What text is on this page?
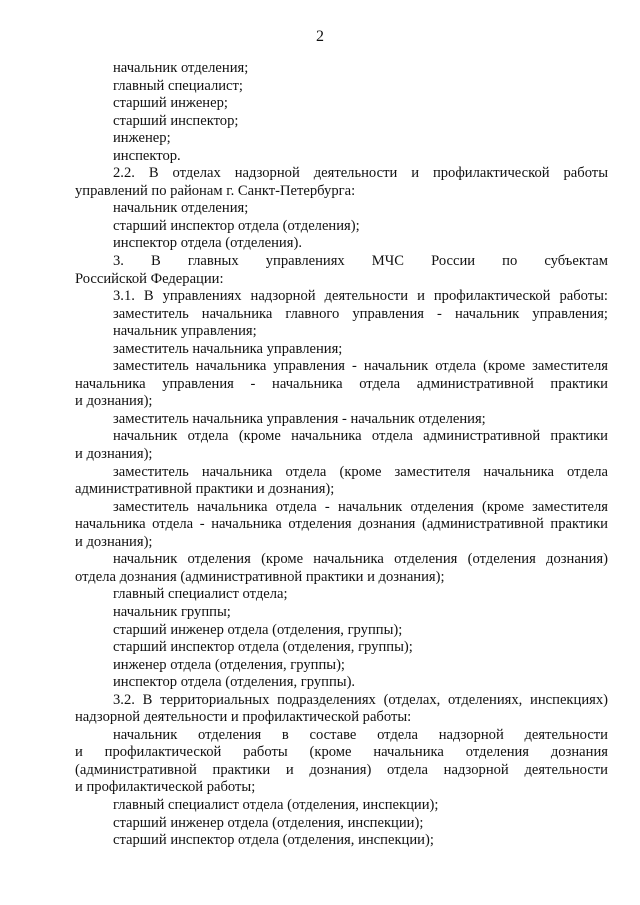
2

начальник отделения;

главный специалист;

старший инженер;

старший инспектор;

инженер;

инспектор.

2.2. В отделах надзорной деятельности и профилактической работы

управлений по районам г. Санкт-Петербурга:

начальник отделения;

старший инспектор отдела (отделения);

инспектор отдела (отделения).

3. В главных управлениях МЧС России по субъектам

Российской Федерации:

3.1. В управлениях надзорной деятельности и профилактической работы:

заместитель начальника главного управления - начальник управления;

начальник управления;

заместитель начальника управления;

заместитель начальника управления - начальник отдела (кроме заместителя

начальника управления - начальника отдела административной практики

и дознания);

заместитель начальника управления - начальник отделения;

начальник отдела (кроме начальника отдела административной практики

и дознания);

заместитель начальника отдела (кроме заместителя начальника отдела

административной практики и дознания);

заместитель начальника отдела - начальник отделения (кроме заместителя

начальника отдела - начальника отделения дознания (административной практики

и дознания);

начальник отделения (кроме начальника отделения (отделения дознания)

отдела дознания (административной практики и дознания);

главный специалист отдела;

начальник группы;

старший инженер отдела (отделения, группы);

старший инспектор отдела (отделения, группы);

инженер отдела (отделения, группы);

инспектор отдела (отделения, группы).

3.2. В территориальных подразделениях (отделах, отделениях, инспекциях)

надзорной деятельности и профилактической работы:

начальник отделения в составе отдела надзорной деятельности

и профилактической работы (кроме начальника отделения дознания

(административной практики и дознания) отдела надзорной деятельности

и профилактической работы;

главный специалист отдела (отделения, инспекции);

старший инженер отдела (отделения, инспекции);

старший инспектор отдела (отделения, инспекции);
